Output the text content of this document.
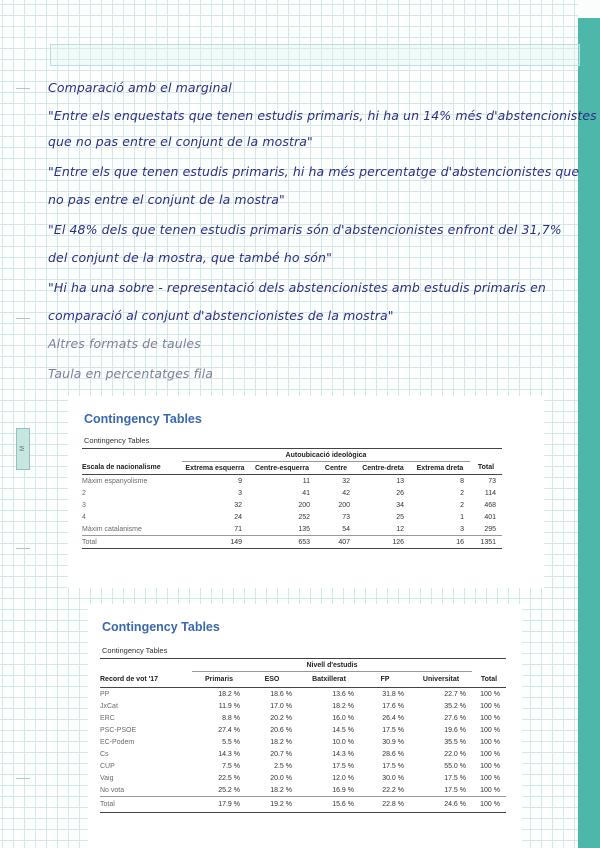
M
Comparació amb el marginal
"Entre els enquestats que tenen estudis primaris, hi ha un 14% més d'abstencionistes
que no pas entre el conjunt de la mostra"
"Entre els que tenen estudis primaris, hi ha més percentatge d'abstencionistes que
no pas entre el conjunt de la mostra"
"El 48% dels que tenen estudis primaris són d'abstencionistes enfront del 31,7%
del conjunt de la mostra, que també ho són"
"Hi ha una sobre - representació dels abstencionistes amb estudis primaris en
comparació al conjunt d'abstencionistes de la mostra"
Altres formats de taules
Taula en percentatges fila
Contingency Tables
Contingency Tables
	Autoubicació ideològica					
Escala de nacionalisme	Extrema esquerra	Centre-esquerra	Centre	Centre-dreta	Extrema dreta	Total
Màxim espanyolisme	9	11	32	13	8	73
2	3	41	42	26	2	114
3	32	200	200	34	2	468
4	24	252	73	25	1	401
Màxim catalanisme	71	135	54	12	3	295
Total	149	653	407	126	16	1351
Contingency Tables
Contingency Tables
	Nivell d'estudis					
Record de vot '17	Primaris	ESO	Batxillerat	FP	Universitat	Total
PP	18.2 %	18.6 %	13.6 %	31.8 %	22.7 %	100 %
JxCat	11.9 %	17.0 %	18.2 %	17.6 %	35.2 %	100 %
ERC	8.8 %	20.2 %	16.0 %	26.4 %	27.6 %	100 %
PSC-PSOE	27.4 %	20.6 %	14.5 %	17.5 %	19.6 %	100 %
EC-Podem	5.5 %	18.2 %	10.0 %	30.9 %	35.5 %	100 %
Cs	14.3 %	20.7 %	14.3 %	28.6 %	22.0 %	100 %
CUP	7.5 %	2.5 %	17.5 %	17.5 %	55.0 %	100 %
Vaig	22.5 %	20.0 %	12.0 %	30.0 %	17.5 %	100 %
No vota	25.2 %	18.2 %	16.9 %	22.2 %	17.5 %	100 %
Total	17.9 %	19.2 %	15.6 %	22.8 %	24.6 %	100 %
